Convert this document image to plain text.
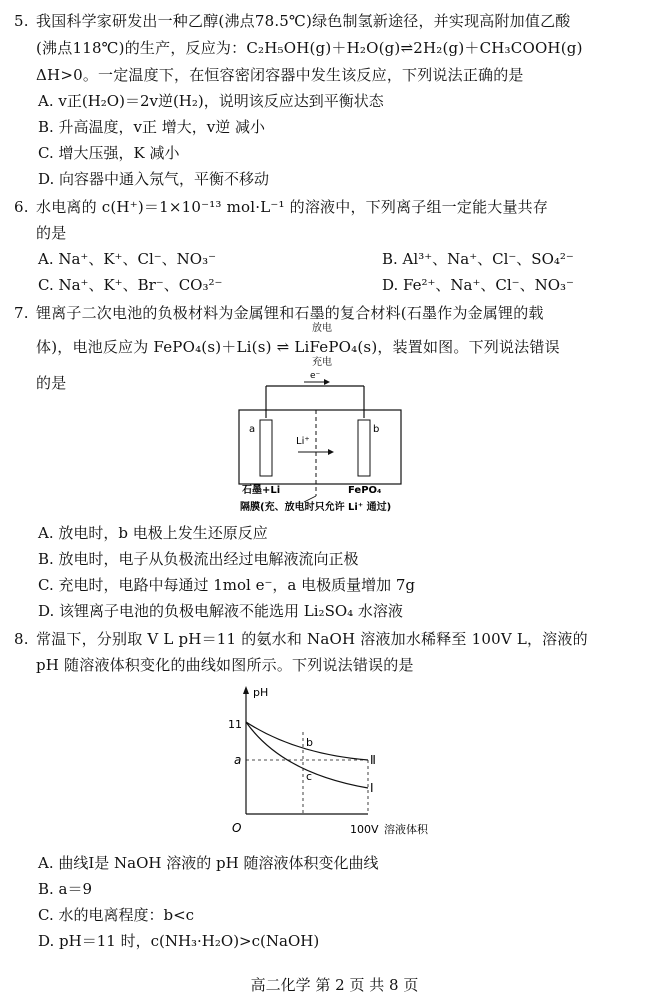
5. 我国科学家研发出一种乙醇(沸点78.5℃)绿色制氢新途径，并实现高附加值乙酸
(沸点118℃)的生产，反应为：C₂H₅OH(g)＋H₂O(g)⇌2H₂(g)＋CH₃COOH(g)
ΔH>0。一定温度下，在恒容密闭容器中发生该反应，下列说法正确的是
A. v正(H₂O)＝2v逆(H₂)，说明该反应达到平衡状态
B. 升高温度，v正 增大，v逆 减小
C. 增大压强，K 减小
D. 向容器中通入氖气，平衡不移动
6. 水电离的 c(H⁺)＝1×10⁻¹³ mol·L⁻¹ 的溶液中，下列离子组一定能大量共存
的是
A. Na⁺、K⁺、Cl⁻、NO₃⁻	B. Al³⁺、Na⁺、Cl⁻、SO₄²⁻
C. Na⁺、K⁺、Br⁻、CO₃²⁻	D. Fe²⁺、Na⁺、Cl⁻、NO₃⁻
7. 锂离子二次电池的负极材料为金属锂和石墨的复合材料(石墨作为金属锂的载
体)，电池反应为 FePO₄(s)＋Li(s) ⇌ LiFePO₄(s)，装置如图。下列说法错误
放电
充电
的是	e⁻
a	b
Li⁺
石墨+Li	FePO₄
隔膜(充、放电时只允许 Li⁺ 通过)
A. 放电时，b 电极上发生还原反应
B. 放电时，电子从负极流出经过电解液流向正极
C. 充电时，电路中每通过 1mol e⁻，a 电极质量增加 7g
D. 该锂离子电池的负极电解液不能选用 Li₂SO₄ 水溶液
8. 常温下，分别取 V L pH＝11 的氨水和 NaOH 溶液加水稀释至 100V L，溶液的
pH 随溶液体积变化的曲线如图所示。下列说法错误的是
pH
11
a
O	100V 溶液体积
Ⅱ
Ⅰ
b
c
A. 曲线Ⅰ是 NaOH 溶液的 pH 随溶液体积变化曲线
B. a＝9
C. 水的电离程度：b<c
D. pH＝11 时，c(NH₃·H₂O)>c(NaOH)
高二化学 第 2 页 共 8 页
